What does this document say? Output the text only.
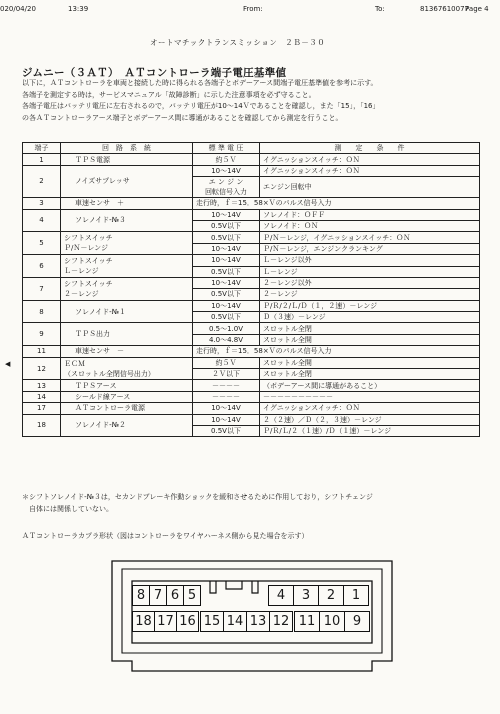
020/04/20	13:39	From:	To:	81367610077
Page 4
オートマチックトランスミッション　２Ｂ－３０
ジムニー（３ＡＴ）　ＡＴコントローラ端子電圧基準値
以下に，ＡＴコントローラを車両と接続した時に得られる各端子とボデーアース間端子電圧基準値を参考に示す。
各端子を測定する時は，サービスマニュアル「故障診断」に示した注意事項を必ず守ること。
各端子電圧はバッテリ電圧に左右されるので，バッテリ電圧が10～14Ｖであることを確認し，また「15」，「16」
の各ＡＴコントローラアース端子とボデーアース間に導通があることを確認してから測定を行うこと。
◀
端子	回　路　系　統	標 準 電 圧	測　　定　　条　　件
1	ＴＰＳ電源	約５Ｖ	イグニッションスイッチ：ＯＮ
2	ノイズサプレッサ	10～14V	イグニッションスイッチ：ＯＮ
		エ ン ジ ン
回転信号入力	エンジン回転中
3	車速センサ　＋	走行時，ｆ＝15．58×Ｖのパルス信号入力	
4	ソレノイド-№３	10～14V	ソレノイド：ＯＦＦ
		0.5V以下	ソレノイド：ＯＮ
5	シフトスイッチ
Ｐ/Ｎ－レンジ	0.5V以下	Ｐ/Ｎ－レンジ，イグニッションスイッチ：ＯＮ
		10～14V	Ｐ/Ｎ－レンジ，エンジンクランキング
6	シフトスイッチ
Ｌ－レンジ	10～14V	Ｌ－レンジ以外
		0.5V以下	Ｌ－レンジ
7	シフトスイッチ
２－レンジ	10～14V	２－レンジ以外
		0.5V以下	２－レンジ
8	ソレノイド-№１	10～14V	Ｐ/Ｒ/２/Ｌ/Ｄ（１，２速）－レンジ
		0.5V以下	Ｄ（３速）－レンジ
9	ＴＰＳ出力	0.5～1.0V	スロットル全閉
		4.0～4.8V	スロットル全開
11	車速センサ　－	走行時，ｆ＝15．58×Ｖのパルス信号入力	
12	ＥＣＭ
（スロットル全閉信号出力）	約５Ｖ	スロットル全開
		２Ｖ以下	スロットル全閉
13	ＴＰＳアース	－－－－	（ボデーアース間に導通があること）
14	シールド線アース	－－－－	－－－－－－－－－－
17	ＡＴコントローラ電源	10～14V	イグニッションスイッチ：ＯＮ
18	ソレノイド-№２	10～14V	２（２速）／Ｄ（２，３速）－レンジ
		0.5V以下	Ｐ/Ｒ/Ｌ/２（１速）/Ｄ（１速）－レンジ
＊シフトソレノイド-№３は，セカンドブレーキ作動ショックを緩和させるために作用しており，シフトチェンジ
　自体には関係していない。
ＡＴコントローラカプラ形状（図はコントローラをワイヤハーネス側から見た場合を示す）
8 7 6 5	4	3	2	1
18 17 16 15 14 13 12 11 10 9
